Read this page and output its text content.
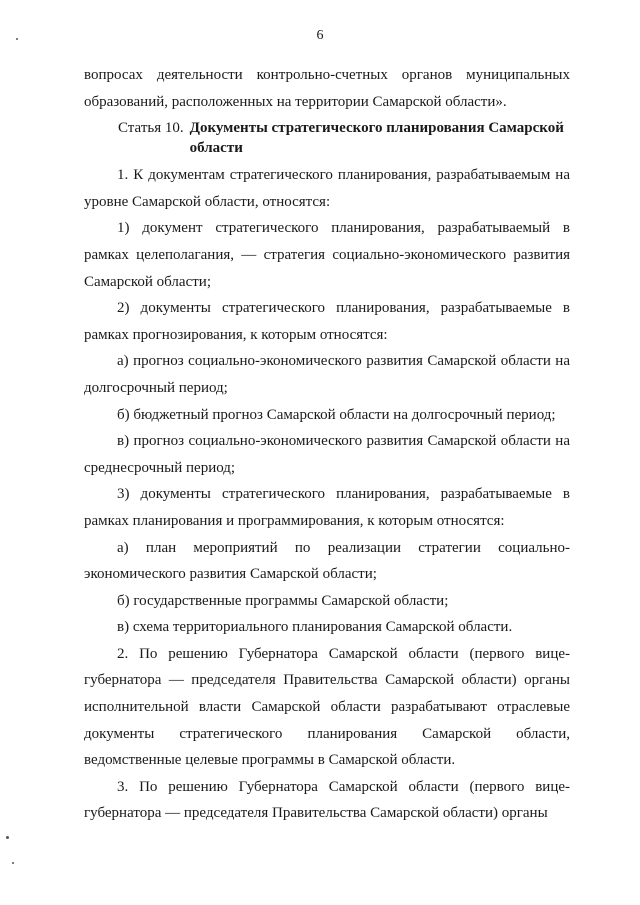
6

вопросах деятельности контрольно-счетных органов муниципальных образований, расположенных на территории Самарской области».

Статья 10. Документы стратегического планирования Самарской области

1. К документам стратегического планирования, разрабатываемым на уровне Самарской области, относятся:

1) документ стратегического планирования, разрабатываемый в рамках целеполагания, — стратегия социально-экономического развития Самарской области;

2) документы стратегического планирования, разрабатываемые в рамках прогнозирования, к которым относятся:

а) прогноз социально-экономического развития Самарской области на долгосрочный период;

б) бюджетный прогноз Самарской области на долгосрочный период;

в) прогноз социально-экономического развития Самарской области на среднесрочный период;

3) документы стратегического планирования, разрабатываемые в рамках планирования и программирования, к которым относятся:

а) план мероприятий по реализации стратегии социально-экономического развития Самарской области;

б) государственные программы Самарской области;

в) схема территориального планирования Самарской области.

2. По решению Губернатора Самарской области (первого вице-губернатора — председателя Правительства Самарской области) органы исполнительной власти Самарской области разрабатывают отраслевые документы стратегического планирования Самарской области, ведомственные целевые программы в Самарской области.

3. По решению Губернатора Самарской области (первого вице-губернатора — председателя Правительства Самарской области) органы
